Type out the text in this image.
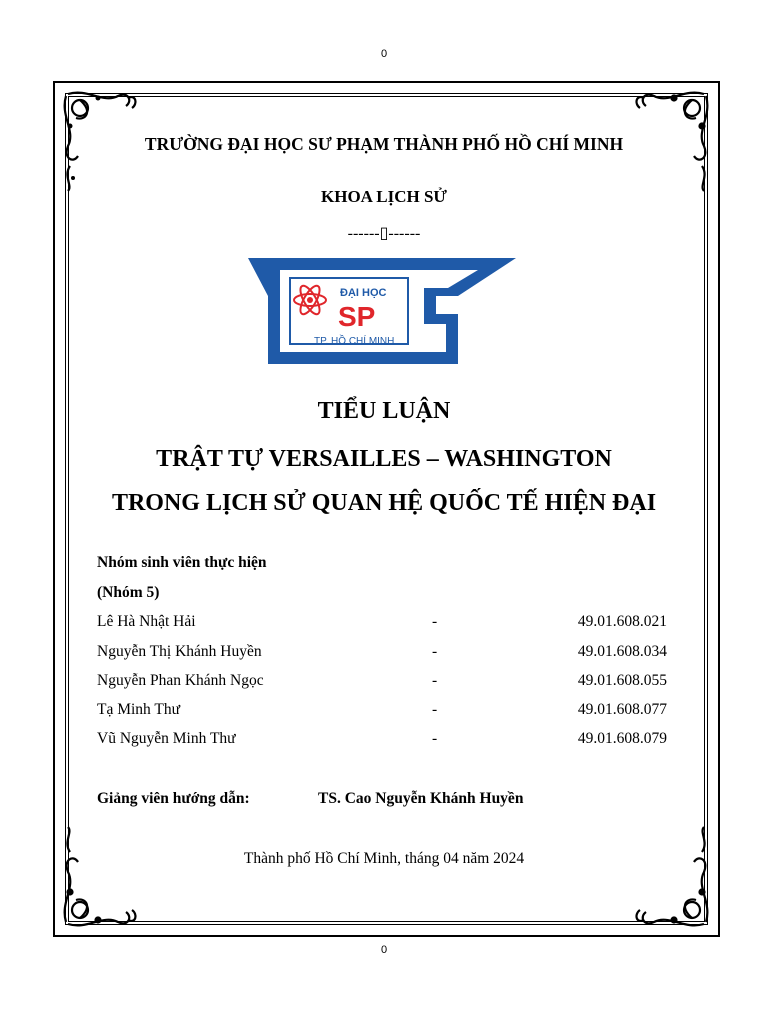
0
TRƯỜNG ĐẠI HỌC SƯ PHẠM THÀNH PHỐ HỒ CHÍ MINH
KHOA LỊCH SỬ
------▯------
ĐẠI HỌC
SP
TP. HỒ CHÍ MINH
TIỂU LUẬN
TRẬT TỰ VERSAILLES – WASHINGTON
TRONG LỊCH SỬ QUAN HỆ QUỐC TẾ HIỆN ĐẠI
Nhóm sinh viên thực hiện
(Nhóm 5)
Lê Hà Nhật Hải	-	49.01.608.021
Nguyễn Thị Khánh Huyền	-	49.01.608.034
Nguyễn Phan Khánh Ngọc	-	49.01.608.055
Tạ Minh Thư	-	49.01.608.077
Vũ Nguyễn Minh Thư	-	49.01.608.079
Giảng viên hướng dẫn:	TS. Cao Nguyễn Khánh Huyền
Thành phố Hồ Chí Minh, tháng 04 năm 2024
0
